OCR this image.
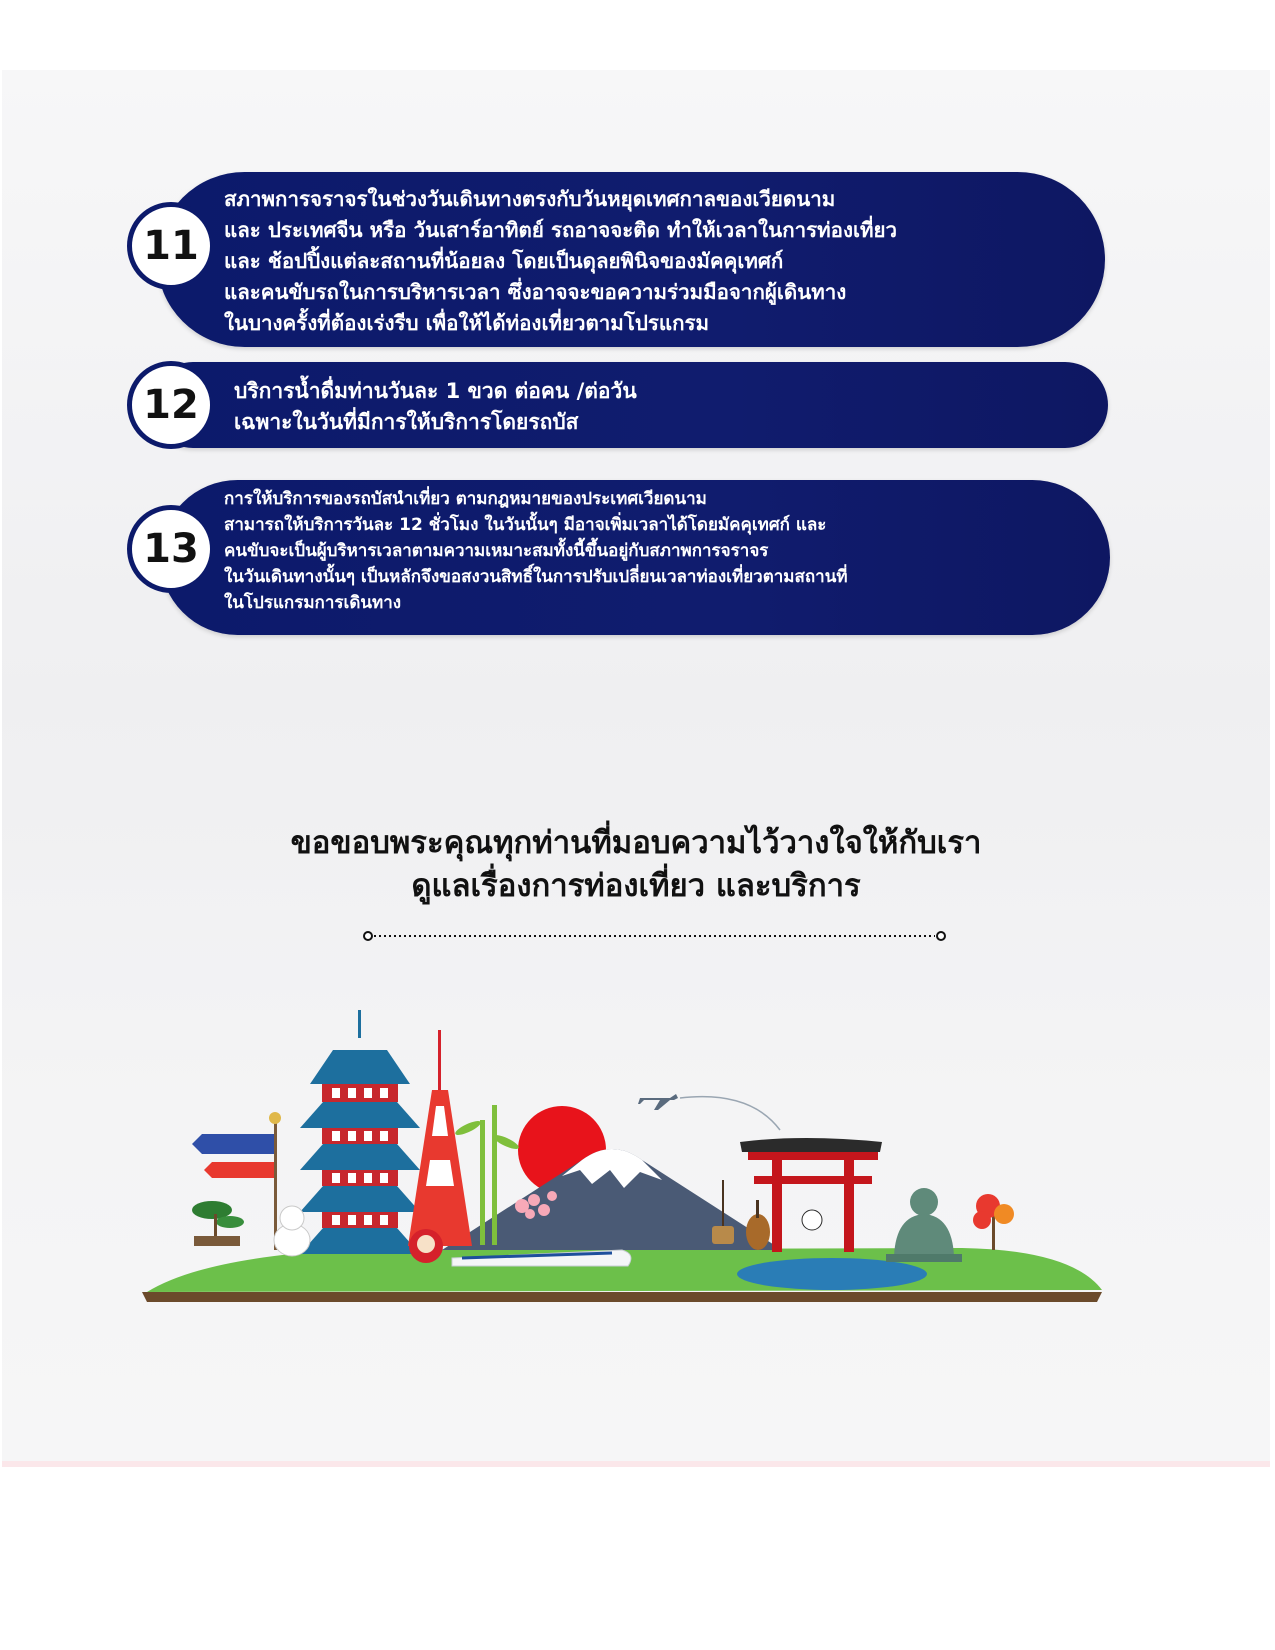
11
สภาพการจราจรในช่วงวันเดินทางตรงกับวันหยุดเทศกาลของเวียดนาม
และ ประเทศจีน หรือ วันเสาร์อาทิตย์ รถอาจจะติด ทำให้เวลาในการท่องเที่ยว
และ ช้อปปิ้งแต่ละสถานที่น้อยลง โดยเป็นดุลยพินิจของมัคคุเทศก์
และคนขับรถในการบริหารเวลา ซึ่งอาจจะขอความร่วมมือจากผู้เดินทาง
ในบางครั้งที่ต้องเร่งรีบ เพื่อให้ได้ท่องเที่ยวตามโปรแกรม
12	บริการน้ำดื่มท่านวันละ 1 ขวด ต่อคน /ต่อวัน
เฉพาะในวันที่มีการให้บริการโดยรถบัส
13
การให้บริการของรถบัสนำเที่ยว ตามกฎหมายของประเทศเวียดนาม
สามารถให้บริการวันละ 12 ชั่วโมง ในวันนั้นๆ มีอาจเพิ่มเวลาได้โดยมัคคุเทศก์ และ
คนขับจะเป็นผู้บริหารเวลาตามความเหมาะสมทั้งนี้ขึ้นอยู่กับสภาพการจราจร
ในวันเดินทางนั้นๆ เป็นหลักจึงขอสงวนสิทธิ์ในการปรับเปลี่ยนเวลาท่องเที่ยวตามสถานที่
ในโปรแกรมการเดินทาง
ขอขอบพระคุณทุกท่านที่มอบความไว้วางใจให้กับเรา
ดูแลเรื่องการท่องเที่ยว และบริการ
